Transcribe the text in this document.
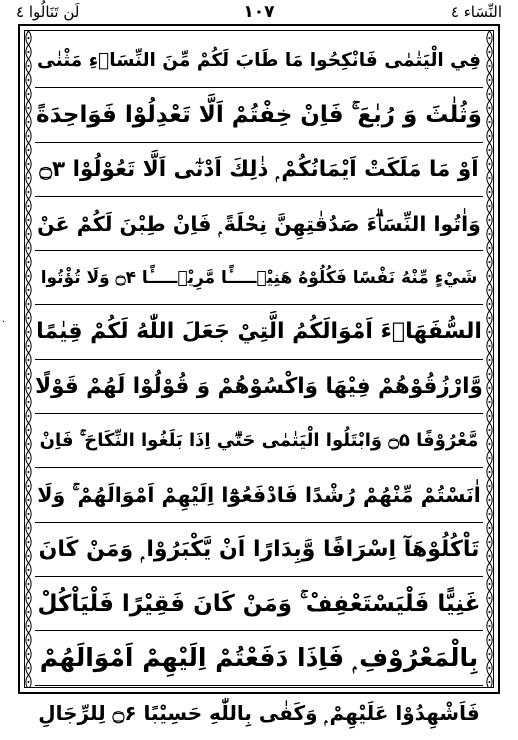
لَن تَنَالُوا ٤	١٠٧	النِّسَاء ٤
فِي الْيَتٰمٰى فَانْكِحُوا مَا طَابَ لَكُمْ مِّنَ النِّسَاۗءِ مَثْنٰى
وَثُلٰثَ وَ رُبٰعَ ۚ فَاِنْ خِفْتُمْ اَلَّا تَعْدِلُوْا فَوَاحِدَةً
اَوْ مَا مَلَكَتْ اَيْمَانُكُمْ ۭ ذٰلِكَ اَدْنٰٓى اَلَّا تَعُوْلُوْا ۝۳
وَاٰتُوا النِّسَاۗءَ صَدُقٰتِهِنَّ نِحْلَةً ۭ فَاِنْ طِبْنَ لَكُمْ عَنْ
شَيْءٍ مِّنْهُ نَفْسًا فَكُلُوْهُ هَنِيْۗـــــًٔا مَّرِيْۗـــــًٔا ۝۴ وَلَا تُؤْتُوا
السُّفَهَاۗءَ اَمْوَالَكُمُ الَّتِيْ جَعَلَ اللّٰهُ لَكُمْ قِيٰمًا
وَّارْزُقُوْهُمْ فِيْهَا وَاكْسُوْهُمْ وَ قُوْلُوْا لَھُمْ قَوْلًا
مَّعْرُوْفًا ۝۵ وَابْتَلُوا الْيَتٰمٰى حَتّٰٓي اِذَا بَلَغُوا النِّكَاحَ ۚ فَاِنْ
اٰنَسْتُمْ مِّنْھُمْ رُشْدًا فَادْفَعُوْٓا اِلَيْهِمْ اَمْوَالَھُمْ ۚ وَلَا
تَاْكُلُوْھَآ اِسْرَافًا وَّبِدَارًا اَنْ يَّكْبَرُوْا ۭ وَمَنْ كَانَ
غَنِيًّا فَلْيَسْتَعْفِفْ ۚ وَمَنْ كَانَ فَقِيْرًا فَلْيَاْكُلْ
بِالْمَعْرُوْفِ ۭ فَاِذَا دَفَعْتُمْ اِلَيْهِمْ اَمْوَالَھُمْ
فَاَشْهِدُوْا عَلَيْهِمْ ۭ وَكَفٰى بِاللّٰهِ حَسِيْبًا ۝۶ لِلرِّجَالِ
·
